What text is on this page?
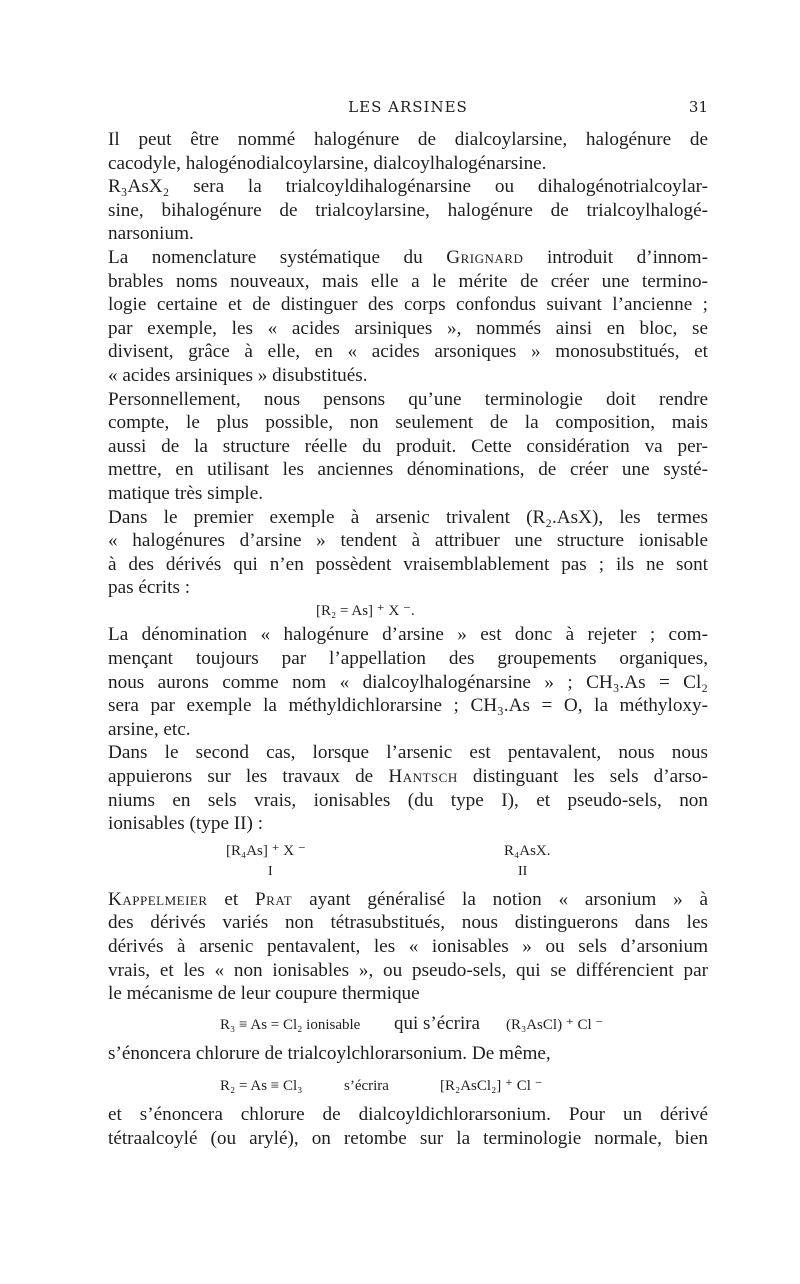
LES ARSINES	31
Il peut être nommé halogénure de dialcoylarsine, halogénure de
cacodyle, halogénodialcoylarsine, dialcoylhalogénarsine.
R₃AsX₂ sera la trialcoyldihalogénarsine ou dihalogénotrialcoylar-
sine, bihalogénure de trialcoylarsine, halogénure de trialcoylhalogé-
narsonium.
La nomenclature systématique du Grignard introduit d’innom-
brables noms nouveaux, mais elle a le mérite de créer une termino-
logie certaine et de distinguer des corps confondus suivant l’ancienne ;
par exemple, les « acides arsiniques », nommés ainsi en bloc, se
divisent, grâce à elle, en « acides arsoniques » monosubstitués, et
« acides arsiniques » disubstitués.
Personnellement, nous pensons qu’une terminologie doit rendre
compte, le plus possible, non seulement de la composition, mais
aussi de la structure réelle du produit. Cette considération va per-
mettre, en utilisant les anciennes dénominations, de créer une systé-
matique très simple.
Dans le premier exemple à arsenic trivalent (R₂.AsX), les termes
« halogénures d’arsine » tendent à attribuer une structure ionisable
à des dérivés qui n’en possèdent vraisemblablement pas ; ils ne sont
pas écrits :
[R₂ = As] ⁺ X ⁻.
La dénomination « halogénure d’arsine » est donc à rejeter ; com-
mençant toujours par l’appellation des groupements organiques,
nous aurons comme nom « dialcoylhalogénarsine » ; CH₃.As = Cl₂
sera par exemple la méthyldichlorarsine ; CH₃.As = O, la méthyloxy-
arsine, etc.
Dans le second cas, lorsque l’arsenic est pentavalent, nous nous
appuierons sur les travaux de Hantsch distinguant les sels d’arso-
niums en sels vrais, ionisables (du type I), et pseudo-sels, non
ionisables (type II) :
[R₄As] ⁺ X ⁻	R₄AsX.
I	II
Kappelmeier et Prat ayant généralisé la notion « arsonium » à
des dérivés variés non tétrasubstitués, nous distinguerons dans les
dérivés à arsenic pentavalent, les « ionisables » ou sels d’arsonium
vrais, et les « non ionisables », ou pseudo-sels, qui se différencient par
le mécanisme de leur coupure thermique
R₃ ≡ As = Cl₂ ionisable qui s’écrira (R₃AsCl) ⁺ Cl ⁻
s’énoncera chlorure de trialcoylchlorarsonium. De même,
R₂ = As ≡ Cl₃	s’écrira	[R₂AsCl₂] ⁺ Cl ⁻
et s’énoncera chlorure de dialcoyldichlorarsonium. Pour un dérivé
tétraalcoylé (ou arylé), on retombe sur la terminologie normale, bien
